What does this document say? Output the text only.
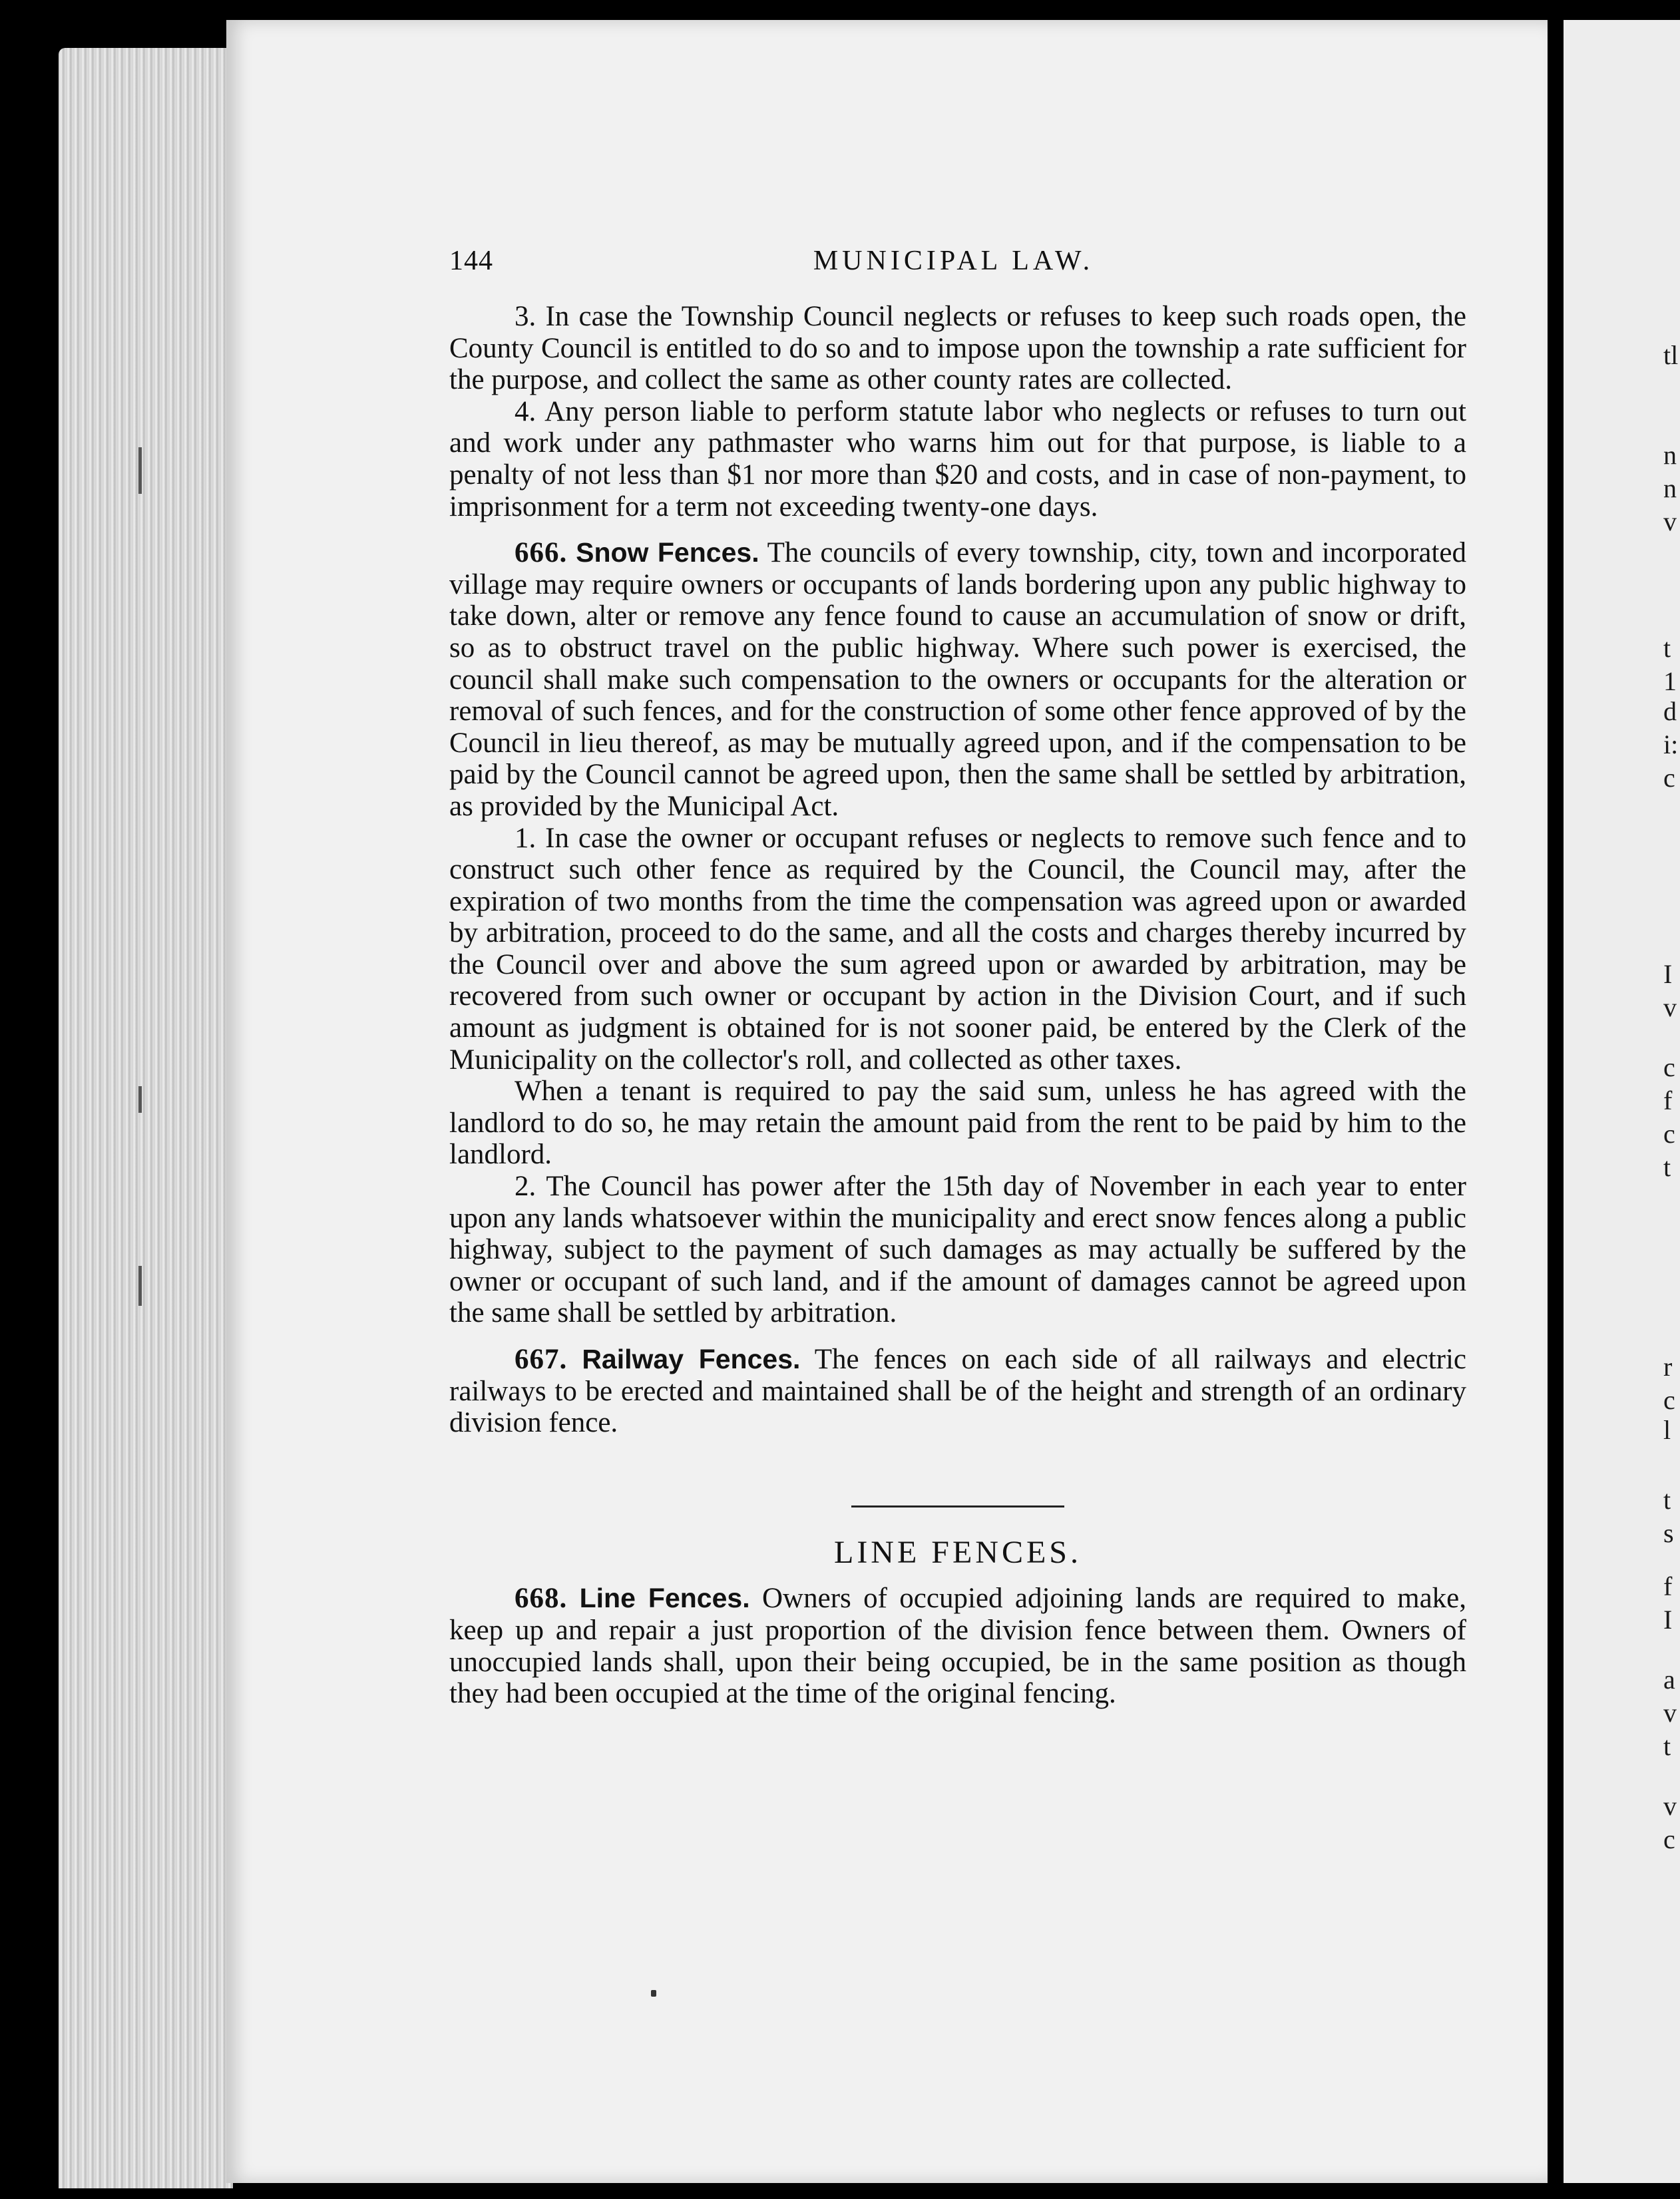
tl
n
n
v
t
1
d
i:
c
I
v
c
f
c
t
r
c
l
t
s
f
I
a
v
t
v
c
144	MUNICIPAL LAW.

3. In case the Township Council neglects or refuses to keep such roads open, the County Council is entitled to do so and to impose upon the township a rate sufficient for the purpose, and collect the same as other county rates are collected.

4. Any person liable to perform statute labor who neglects or refuses to turn out and work under any pathmaster who warns him out for that purpose, is liable to a penalty of not less than $1 nor more than $20 and costs, and in case of non-payment, to imprisonment for a term not exceeding twenty-one days.

666. Snow Fences. The councils of every township, city, town and incorporated village may require owners or occupants of lands bordering upon any public highway to take down, alter or remove any fence found to cause an accumulation of snow or drift, so as to obstruct travel on the public highway. Where such power is exercised, the council shall make such compensation to the owners or occupants for the alteration or removal of such fences, and for the construction of some other fence approved of by the Council in lieu thereof, as may be mutually agreed upon, and if the compensation to be paid by the Council cannot be agreed upon, then the same shall be settled by arbitration, as provided by the Municipal Act.

1. In case the owner or occupant refuses or neglects to remove such fence and to construct such other fence as required by the Council, the Council may, after the expiration of two months from the time the compensation was agreed upon or awarded by arbitration, proceed to do the same, and all the costs and charges thereby incurred by the Council over and above the sum agreed upon or awarded by arbitration, may be recovered from such owner or occupant by action in the Division Court, and if such amount as judgment is obtained for is not sooner paid, be entered by the Clerk of the Municipality on the collector's roll, and collected as other taxes.

When a tenant is required to pay the said sum, unless he has agreed with the landlord to do so, he may retain the amount paid from the rent to be paid by him to the landlord.

2. The Council has power after the 15th day of November in each year to enter upon any lands whatsoever within the municipality and erect snow fences along a public highway, subject to the payment of such damages as may actually be suffered by the owner or occupant of such land, and if the amount of damages cannot be agreed upon the same shall be settled by arbitration.

667. Railway Fences. The fences on each side of all railways and electric railways to be erected and maintained shall be of the height and strength of an ordinary division fence.

LINE FENCES.

668. Line Fences. Owners of occupied adjoining lands are required to make, keep up and repair a just proportion of the division fence between them. Owners of unoccupied lands shall, upon their being occupied, be in the same position as though they had been occupied at the time of the original fencing.
